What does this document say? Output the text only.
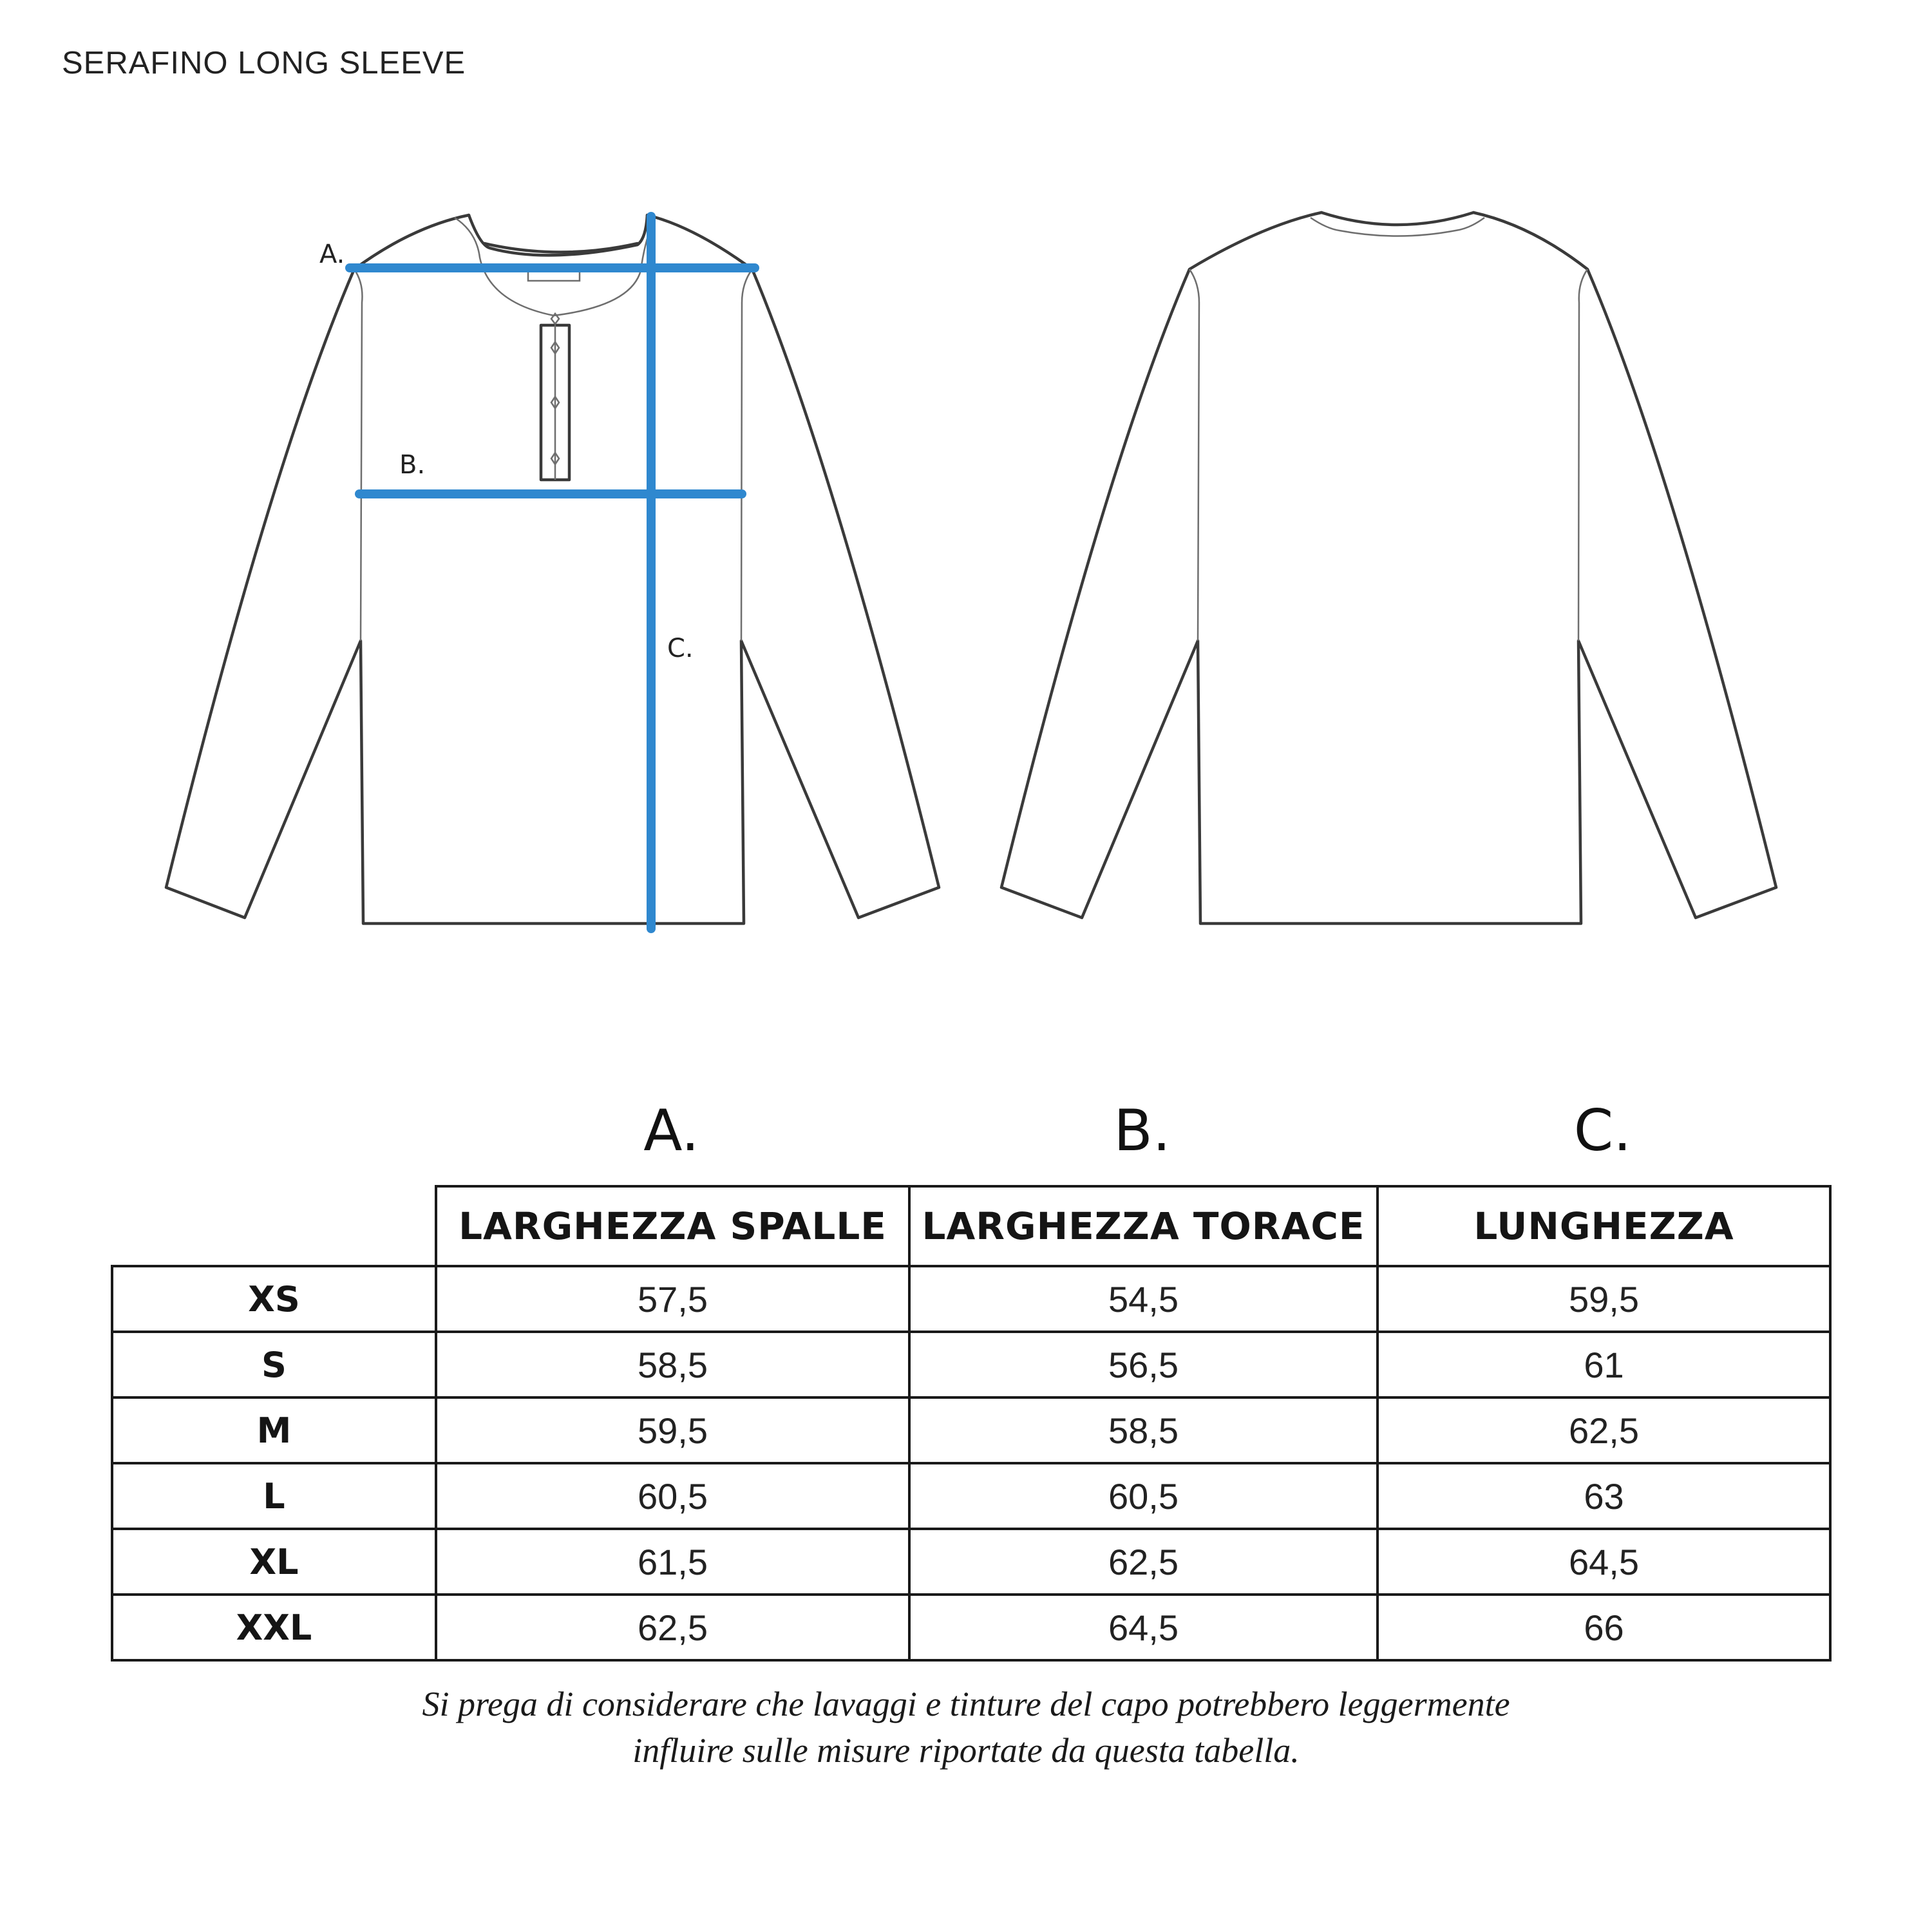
SERAFINO LONG SLEEVE
A.
B.
C.
A.	B.	C.
	LARGHEZZA SPALLE	LARGHEZZA TORACE	LUNGHEZZA
XS	57,5	54,5	59,5
S	58,5	56,5	61
M	59,5	58,5	62,5
L	60,5	60,5	63
XL	61,5	62,5	64,5
XXL	62,5	64,5	66
Si prega di considerare che lavaggi e tinture del capo potrebbero leggermente
influire sulle misure riportate da questa tabella.
